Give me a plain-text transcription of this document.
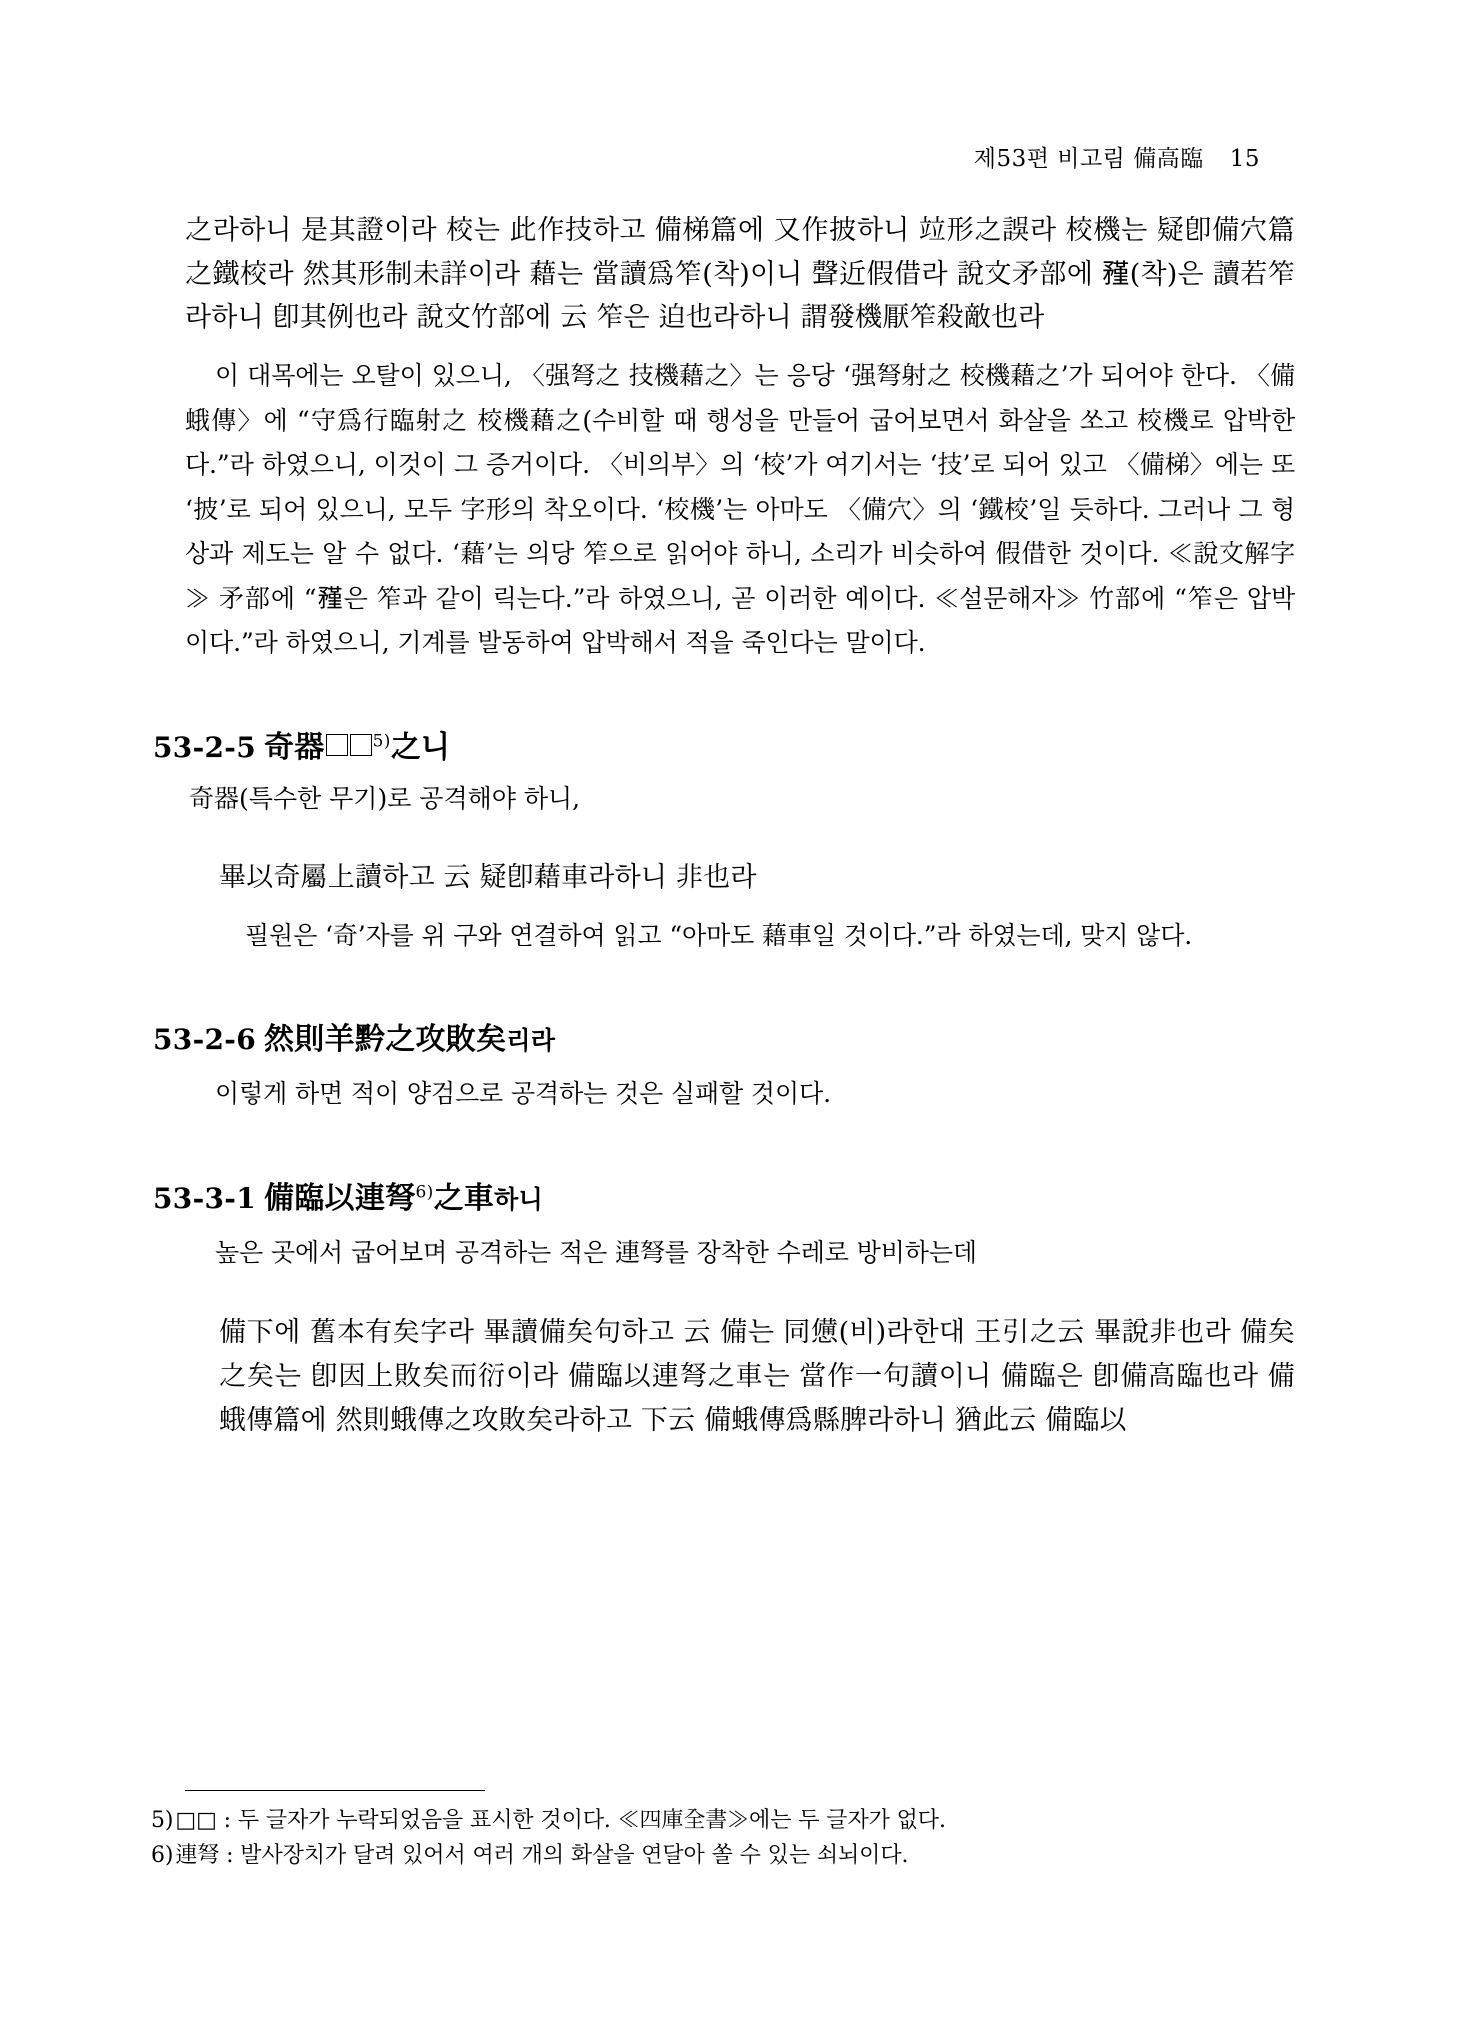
제53편 비고림 備高臨 15
之라하니 是其證이라 校는 此作技하고 備梯篇에 又作披하니 竝形之誤라 校機는 疑卽備穴篇之鐵校라 然其形制未詳이라 藉는 當讀爲笮(착)이니 聲近假借라 說文矛部에 𥎊(착)은 讀若笮라하니 卽其例也라 說文竹部에 云 笮은 迫也라하니 謂發機厭笮殺敵也라
이 대목에는 오탈이 있으니, 〈强弩之 技機藉之〉는 응당 ‘强弩射之 校機藉之’가 되어야 한다. 〈備蛾傳〉에 “守爲行臨射之 校機藉之(수비할 때 행성을 만들어 굽어보면서 화살을 쏘고 校機로 압박한다.”라 하였으니, 이것이 그 증거이다. 〈비의부〉의 ‘校’가 여기서는 ‘技’로 되어 있고 〈備梯〉에는 또 ‘披’로 되어 있으니, 모두 字形의 착오이다. ‘校機’는 아마도 〈備穴〉의 ‘鐵校’일 듯하다. 그러나 그 형상과 제도는 알 수 없다. ‘藉’는 의당 笮으로 읽어야 하니, 소리가 비슷하여 假借한 것이다. ≪說文解字≫ 矛部에 “𥎊은 笮과 같이 릭는다.”라 하였으니, 곧 이러한 예이다. ≪설문해자≫ 竹部에 “笮은 압박이다.”라 하였으니, 기계를 발동하여 압박해서 적을 죽인다는 말이다.
53-2-5 奇器	$^{5)}$之니
奇器(특수한 무기)로 공격해야 하니,
畢以奇屬上讀하고 云 疑卽藉車라하니 非也라
필원은 ‘奇’자를 위 구와 연결하여 읽고 “아마도 藉車일 것이다.”라 하였는데, 맞지 않다.
53-2-6 然則羊黔之攻敗矣리라
이렇게 하면 적이 양검으로 공격하는 것은 실패할 것이다.
53-3-1 備臨以連弩$^{6)}$之車하니
높은 곳에서 굽어보며 공격하는 적은 連弩를 장착한 수레로 방비하는데
備下에 舊本有矣字라 畢讀備矣句하고 云 備는 同憊(비)라한대 王引之云 畢說非也라 備矣之矣는 卽因上敗矣而衍이라 備臨以連弩之車는 當作一句讀이니 備臨은 卽備高臨也라 備蛾傳篇에 然則蛾傳之攻敗矣라하고 下云 備蛾傳爲縣脾라하니 猶此云 備臨以
5)□□ : 두 글자가 누락되었음을 표시한 것이다. ≪四庫全書≫에는 두 글자가 없다.
6)連弩 : 발사장치가 달려 있어서 여러 개의 화살을 연달아 쏠 수 있는 쇠뇌이다.
